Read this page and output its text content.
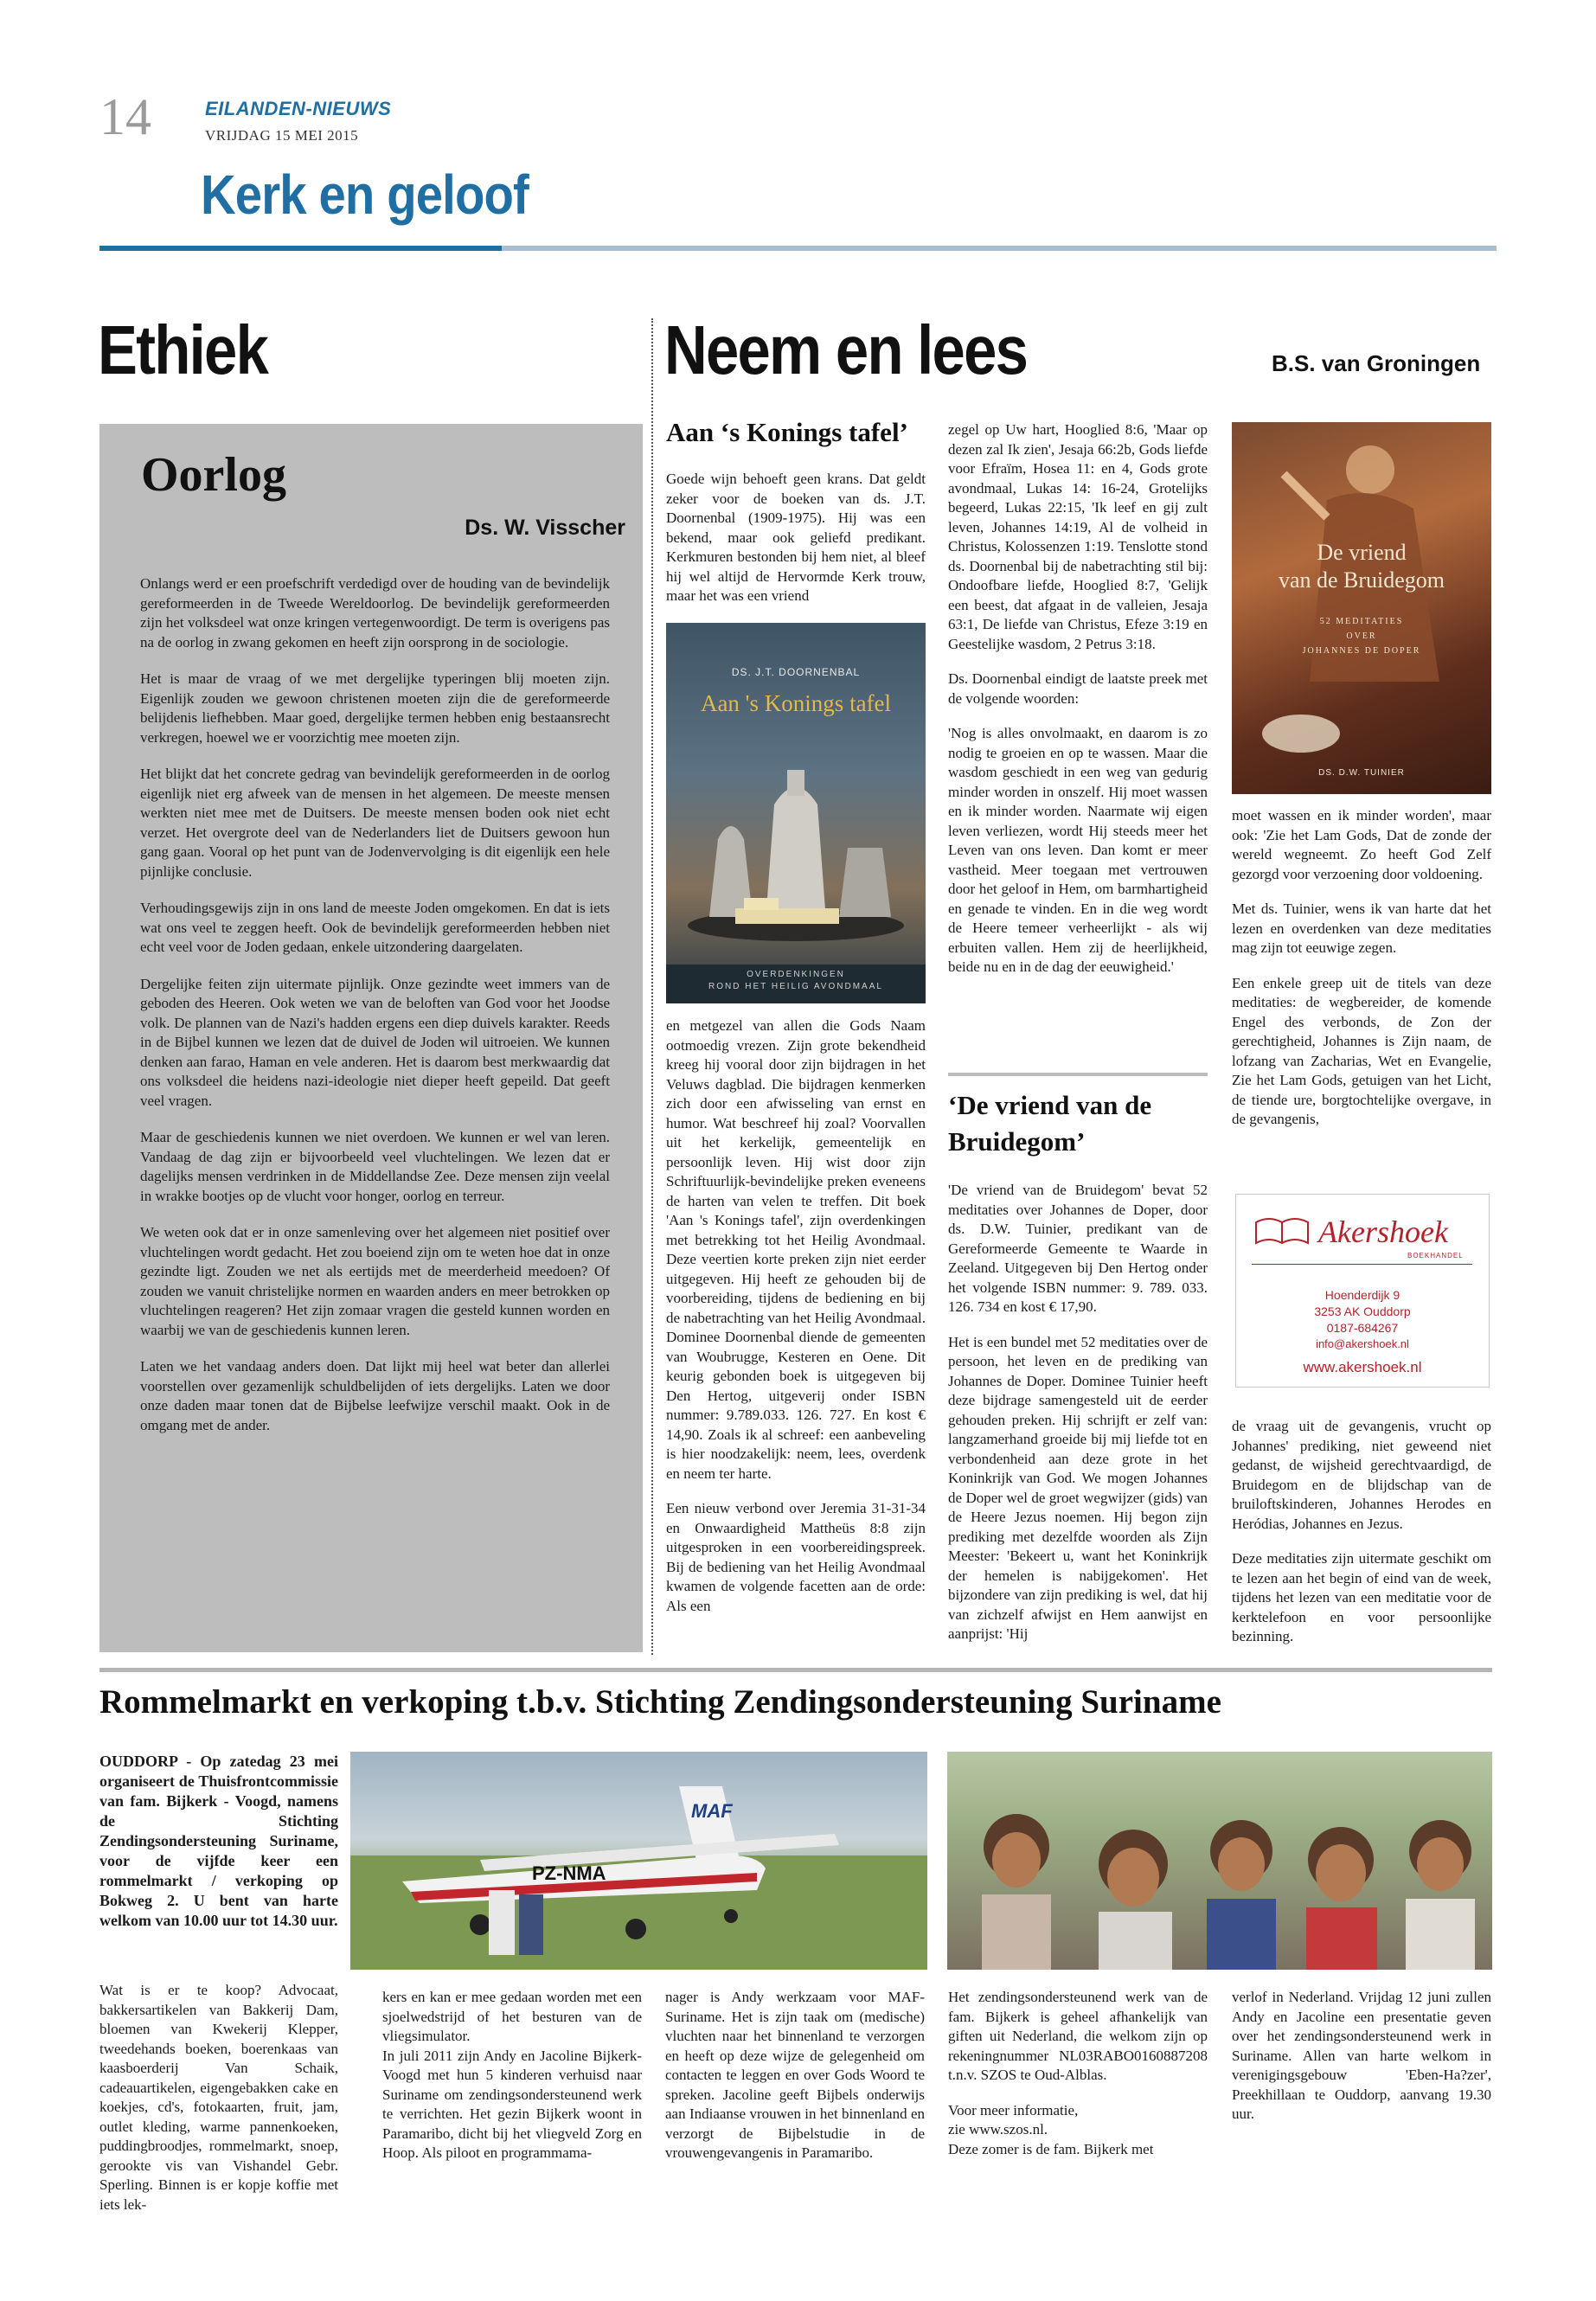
14	EILANDEN-NIEUWS
VRIJDAG 15 MEI 2015
Kerk en geloof
Ethiek
Oorlog
Ds. W. Visscher

Onlangs werd er een proefschrift verdedigd over de houding van de bevindelijk gereformeerden in de Tweede Wereldoorlog. De bevindelijk gereformeerden zijn het volksdeel wat onze kringen vertegenwoordigt. De term is overigens pas na de oorlog in zwang gekomen en heeft zijn oorsprong in de sociologie.

Het is maar de vraag of we met dergelijke typeringen blij moeten zijn. Eigenlijk zouden we gewoon christenen moeten zijn die de gereformeerde belijdenis liefhebben. Maar goed, dergelijke termen hebben enig bestaansrecht verkregen, hoewel we er voorzichtig mee moeten zijn.

Het blijkt dat het concrete gedrag van bevindelijk gereformeerden in de oorlog eigenlijk niet erg afweek van de mensen in het algemeen. De meeste mensen werkten niet mee met de Duitsers. De meeste mensen boden ook niet echt verzet. Het overgrote deel van de Nederlanders liet de Duitsers gewoon hun gang gaan. Vooral op het punt van de Jodenvervolging is dit eigenlijk een hele pijnlijke conclusie.

Verhoudingsgewijs zijn in ons land de meeste Joden omgekomen. En dat is iets wat ons veel te zeggen heeft. Ook de bevindelijk gereformeerden hebben niet echt veel voor de Joden gedaan, enkele uitzondering daargelaten.

Dergelijke feiten zijn uitermate pijnlijk. Onze gezindte weet immers van de geboden des Heeren. Ook weten we van de beloften van God voor het Joodse volk. De plannen van de Nazi's hadden ergens een diep duivels karakter. Reeds in de Bijbel kunnen we lezen dat de duivel de Joden wil uitroeien. We kunnen denken aan farao, Haman en vele anderen. Het is daarom best merkwaardig dat ons volksdeel die heidens nazi-ideologie niet dieper heeft gepeild. Dat geeft veel vragen.

Maar de geschiedenis kunnen we niet overdoen. We kunnen er wel van leren. Vandaag de dag zijn er bijvoorbeeld veel vluchtelingen. We lezen dat er dagelijks mensen verdrinken in de Middellandse Zee. Deze mensen zijn veelal in wrakke bootjes op de vlucht voor honger, oorlog en terreur.

We weten ook dat er in onze samenleving over het algemeen niet positief over vluchtelingen wordt gedacht. Het zou boeiend zijn om te weten hoe dat in onze gezindte ligt. Zouden we net als eertijds met de meerderheid meedoen? Of zouden we vanuit christelijke normen en waarden anders en meer betrokken op vluchtelingen reageren? Het zijn zomaar vragen die gesteld kunnen worden en waarbij we van de geschiedenis kunnen leren.

Laten we het vandaag anders doen. Dat lijkt mij heel wat beter dan allerlei voorstellen over gezamenlijk schuldbelijden of iets dergelijks. Laten we door onze daden maar tonen dat de Bijbelse leefwijze verschil maakt. Ook in de omgang met de ander.

Neem en lees	B.S. van Groningen
Aan ‘s Konings tafel’

Goede wijn behoeft geen krans. Dat geldt zeker voor de boeken van ds. J.T. Doornenbal (1909-1975). Hij was een bekend, maar ook geliefd predikant. Kerkmuren bestonden bij hem niet, al bleef hij wel altijd de Hervormde Kerk trouw, maar het was een vriend

DS. J.T. DOORNENBAL
Aan 's Konings tafel
OVERDENKINGEN
ROND HET HEILIG AVONDMAAL

en metgezel van allen die Gods Naam ootmoedig vrezen. Zijn grote bekendheid kreeg hij vooral door zijn bijdragen in het Veluws dagblad. Die bijdragen kenmerken zich door een afwisseling van ernst en humor. Wat beschreef hij zoal? Voorvallen uit het kerkelijk, gemeentelijk en persoonlijk leven. Hij wist door zijn Schriftuurlijk-bevindelijke preken eveneens de harten van velen te treffen. Dit boek 'Aan 's Konings tafel', zijn overdenkingen met betrekking tot het Heilig Avondmaal. Deze veertien korte preken zijn niet eerder uitgegeven. Hij heeft ze gehouden bij de voorbereiding, tijdens de bediening en bij de nabetrachting van het Heilig Avondmaal. Dominee Doornenbal diende de gemeenten van Woubrugge, Kesteren en Oene. Dit keurig gebonden boek is uitgegeven bij Den Hertog, uitgeverij onder ISBN nummer: 9.789.033. 126. 727. En kost € 14,90. Zoals ik al schreef: een aanbeveling is hier noodzakelijk: neem, lees, overdenk en neem ter harte.

Een nieuw verbond over Jeremia 31-31-34 en Onwaardigheid Mattheüs 8:8 zijn uitgesproken in een voorbereidingspreek. Bij de bediening van het Heilig Avondmaal kwamen de volgende facetten aan de orde: Als een

zegel op Uw hart, Hooglied 8:6, 'Maar op dezen zal Ik zien', Jesaja 66:2b, Gods liefde voor Efraïm, Hosea 11: en 4, Gods grote avondmaal, Lukas 14: 16-24, Grotelijks begeerd, Lukas 22:15, 'Ik leef en gij zult leven, Johannes 14:19, Al de volheid in Christus, Kolossenzen 1:19. Tenslotte stond ds. Doornenbal bij de nabetrachting stil bij: Ondoofbare liefde, Hooglied 8:7, 'Gelijk een beest, dat afgaat in de valleien, Jesaja 63:1, De liefde van Christus, Efeze 3:19 en Geestelijke wasdom, 2 Petrus 3:18.

Ds. Doornenbal eindigt de laatste preek met de volgende woorden:

'Nog is alles onvolmaakt, en daarom is zo nodig te groeien en op te wassen. Maar die wasdom geschiedt in een weg van gedurig minder worden in onszelf. Hij moet wassen en ik minder worden. Naarmate wij eigen leven verliezen, wordt Hij steeds meer het Leven van ons leven. Dan komt er meer vastheid. Meer toegaan met vertrouwen door het geloof in Hem, om barmhartigheid en genade te vinden. En in die weg wordt de Heere temeer verheerlijkt - als wij erbuiten vallen. Hem zij de heerlijkheid, beide nu en in de dag der eeuwigheid.'

‘De vriend van de Bruidegom’

'De vriend van de Bruidegom' bevat 52 meditaties over Johannes de Doper, door ds. D.W. Tuinier, predikant van de Gereformeerde Gemeente te Waarde in Zeeland. Uitgegeven bij Den Hertog onder het volgende ISBN nummer: 9. 789. 033. 126. 734 en kost € 17,90.

Het is een bundel met 52 meditaties over de persoon, het leven en de prediking van Johannes de Doper. Dominee Tuinier heeft deze bijdrage samengesteld uit de eerder gehouden preken. Hij schrijft er zelf van: langzamerhand groeide bij mij liefde tot en verbondenheid aan deze grote in het Koninkrijk van God. We mogen Johannes de Doper wel de groet wegwijzer (gids) van de Heere Jezus noemen. Hij begon zijn prediking met dezelfde woorden als Zijn Meester: 'Bekeert u, want het Koninkrijk der hemelen is nabijgekomen'. Het bijzondere van zijn prediking is wel, dat hij van zichzelf afwijst en Hem aanwijst en aanprijst: 'Hij

De vriend
van de Bruidegom
52 MEDITATIES
OVER
JOHANNES DE DOPER
DS. D.W. TUINIER

moet wassen en ik minder worden', maar ook: 'Zie het Lam Gods, Dat de zonde der wereld wegneemt. Zo heeft God Zelf gezorgd voor verzoening door voldoening.

Met ds. Tuinier, wens ik van harte dat het lezen en overdenken van deze meditaties mag zijn tot eeuwige zegen.

Een enkele greep uit de titels van deze meditaties: de wegbereider, de komende Engel des verbonds, de Zon der gerechtigheid, Johannes is Zijn naam, de lofzang van Zacharias, Wet en Evangelie, Zie het Lam Gods, getuigen van het Licht, de tiende ure, borgtochtelijke overgave, in de gevangenis,

Akershoek
BOEKHANDEL
Hoenderdijk 9
3253 AK Ouddorp
0187-684267
info@akershoek.nl
www.akershoek.nl

de vraag uit de gevangenis, vrucht op Johannes' prediking, niet geweend niet gedanst, de wijsheid gerechtvaardigd, de Bruidegom en de blijdschap van de bruiloftskinderen, Johannes Herodes en Heródias, Johannes en Jezus.

Deze meditaties zijn uitermate geschikt om te lezen aan het begin of eind van de week, tijdens het lezen van een meditatie voor de kerktelefoon en voor persoonlijke bezinning.

Rommelmarkt en verkoping t.b.v. Stichting Zendingsondersteuning Suriname
OUDDORP - Op zatedag 23 mei organiseert de Thuisfrontcommissie van fam. Bijkerk - Voogd, namens de Stichting Zendingsondersteuning Suriname, voor de vijfde keer een rommelmarkt / verkoping op Bokweg 2. U bent van harte welkom van 10.00 uur tot 14.30 uur.
MAF
PZ-NMA

Wat is er te koop? Advocaat, bakkersartikelen van Bakkerij Dam, bloemen van Kwekerij Klepper, tweedehands boeken, boerenkaas van kaasboerderij Van Schaik, cadeauartikelen, eigengebakken cake en koekjes, cd's, fotokaarten, fruit, jam, outlet kleding, warme pannenkoeken, puddingbroodjes, rommelmarkt, snoep, gerookte vis van Vishandel Gebr. Sperling. Binnen is er kopje koffie met iets lek-

kers en kan er mee gedaan worden met een sjoelwedstrijd of het besturen van de vliegsimulator.

In juli 2011 zijn Andy en Jacoline Bijkerk-Voogd met hun 5 kinderen verhuisd naar Suriname om zendingsondersteunend werk te verrichten. Het gezin Bijkerk woont in Paramaribo, dicht bij het vliegveld Zorg en Hoop. Als piloot en programmama-

nager is Andy werkzaam voor MAF-Suriname. Het is zijn taak om (medische) vluchten naar het binnenland te verzorgen en heeft op deze wijze de gelegenheid om contacten te leggen en over Gods Woord te spreken. Jacoline geeft Bijbels onderwijs aan Indiaanse vrouwen in het binnenland en verzorgt de Bijbelstudie in de vrouwengevangenis in Paramaribo.

Het zendingsondersteunend werk van de fam. Bijkerk is geheel afhankelijk van giften uit Nederland, die welkom zijn op rekeningnummer NL03RABO0160887208 t.n.v. SZOS te Oud-Alblas.

Voor meer informatie,
zie www.szos.nl.
Deze zomer is de fam. Bijkerk met

verlof in Nederland. Vrijdag 12 juni zullen Andy en Jacoline een presentatie geven over het zendingsondersteunend werk in Suriname. Allen van harte welkom in verenigingsgebouw 'Eben-Ha?zer', Preekhillaan te Ouddorp, aanvang 19.30 uur.
